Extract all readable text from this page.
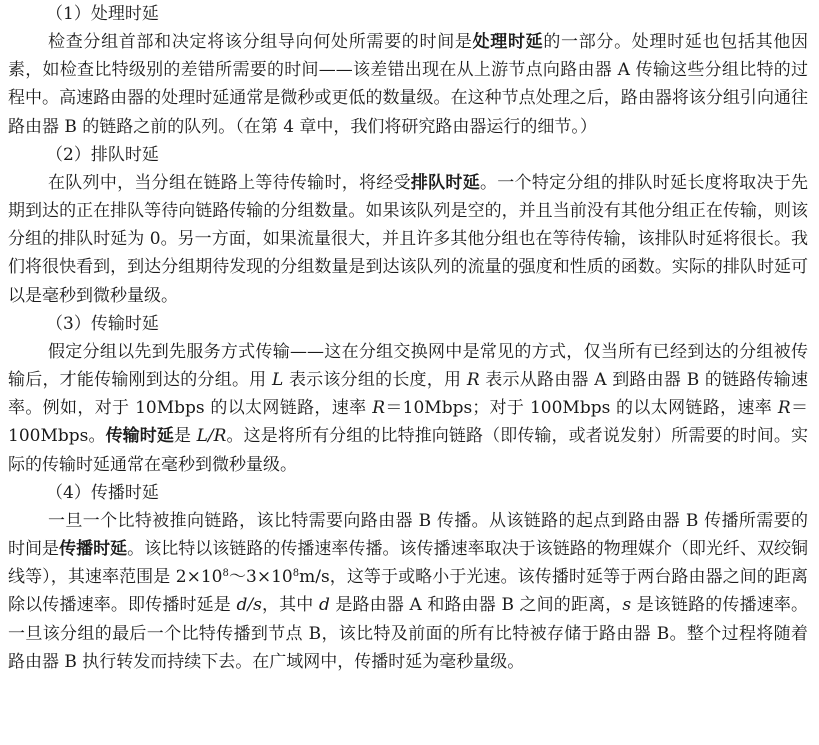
（1）处理时延

检查分组首部和决定将该分组导向何处所需要的时间是处理时延的一部分。处理时延也包括其他因素，如检查比特级别的差错所需要的时间——该差错出现在从上游节点向路由器 A 传输这些分组比特的过程中。高速路由器的处理时延通常是微秒或更低的数量级。在这种节点处理之后，路由器将该分组引向通往路由器 B 的链路之前的队列。（在第 4 章中，我们将研究路由器运行的细节。）

（2）排队时延

在队列中，当分组在链路上等待传输时，将经受排队时延。一个特定分组的排队时延长度将取决于先期到达的正在排队等待向链路传输的分组数量。如果该队列是空的，并且当前没有其他分组正在传输，则该分组的排队时延为 0。另一方面，如果流量很大，并且许多其他分组也在等待传输，该排队时延将很长。我们将很快看到，到达分组期待发现的分组数量是到达该队列的流量的强度和性质的函数。实际的排队时延可以是毫秒到微秒量级。

（3）传输时延

假定分组以先到先服务方式传输——这在分组交换网中是常见的方式，仅当所有已经到达的分组被传输后，才能传输刚到达的分组。用 L 表示该分组的长度，用 R 表示从路由器 A 到路由器 B 的链路传输速率。例如，对于 10Mbps 的以太网链路，速率 R＝10Mbps；对于 100Mbps 的以太网链路，速率 R＝100Mbps。传输时延是 L/R。这是将所有分组的比特推向链路（即传输，或者说发射）所需要的时间。实际的传输时延通常在毫秒到微秒量级。

（4）传播时延

一旦一个比特被推向链路，该比特需要向路由器 B 传播。从该链路的起点到路由器 B 传播所需要的时间是传播时延。该比特以该链路的传播速率传播。该传播速率取决于该链路的物理媒介（即光纤、双绞铜线等），其速率范围是 $2\times 10^8\sim 3\times 10^8m/s$，这等于或略小于光速。该传播时延等于两台路由器之间的距离除以传播速率。即传播时延是 d/s，其中 d 是路由器 A 和路由器 B 之间的距离，s 是该链路的传播速率。一旦该分组的最后一个比特传播到节点 B，该比特及前面的所有比特被存储于路由器 B。整个过程将随着路由器 B 执行转发而持续下去。在广域网中，传播时延为毫秒量级。
